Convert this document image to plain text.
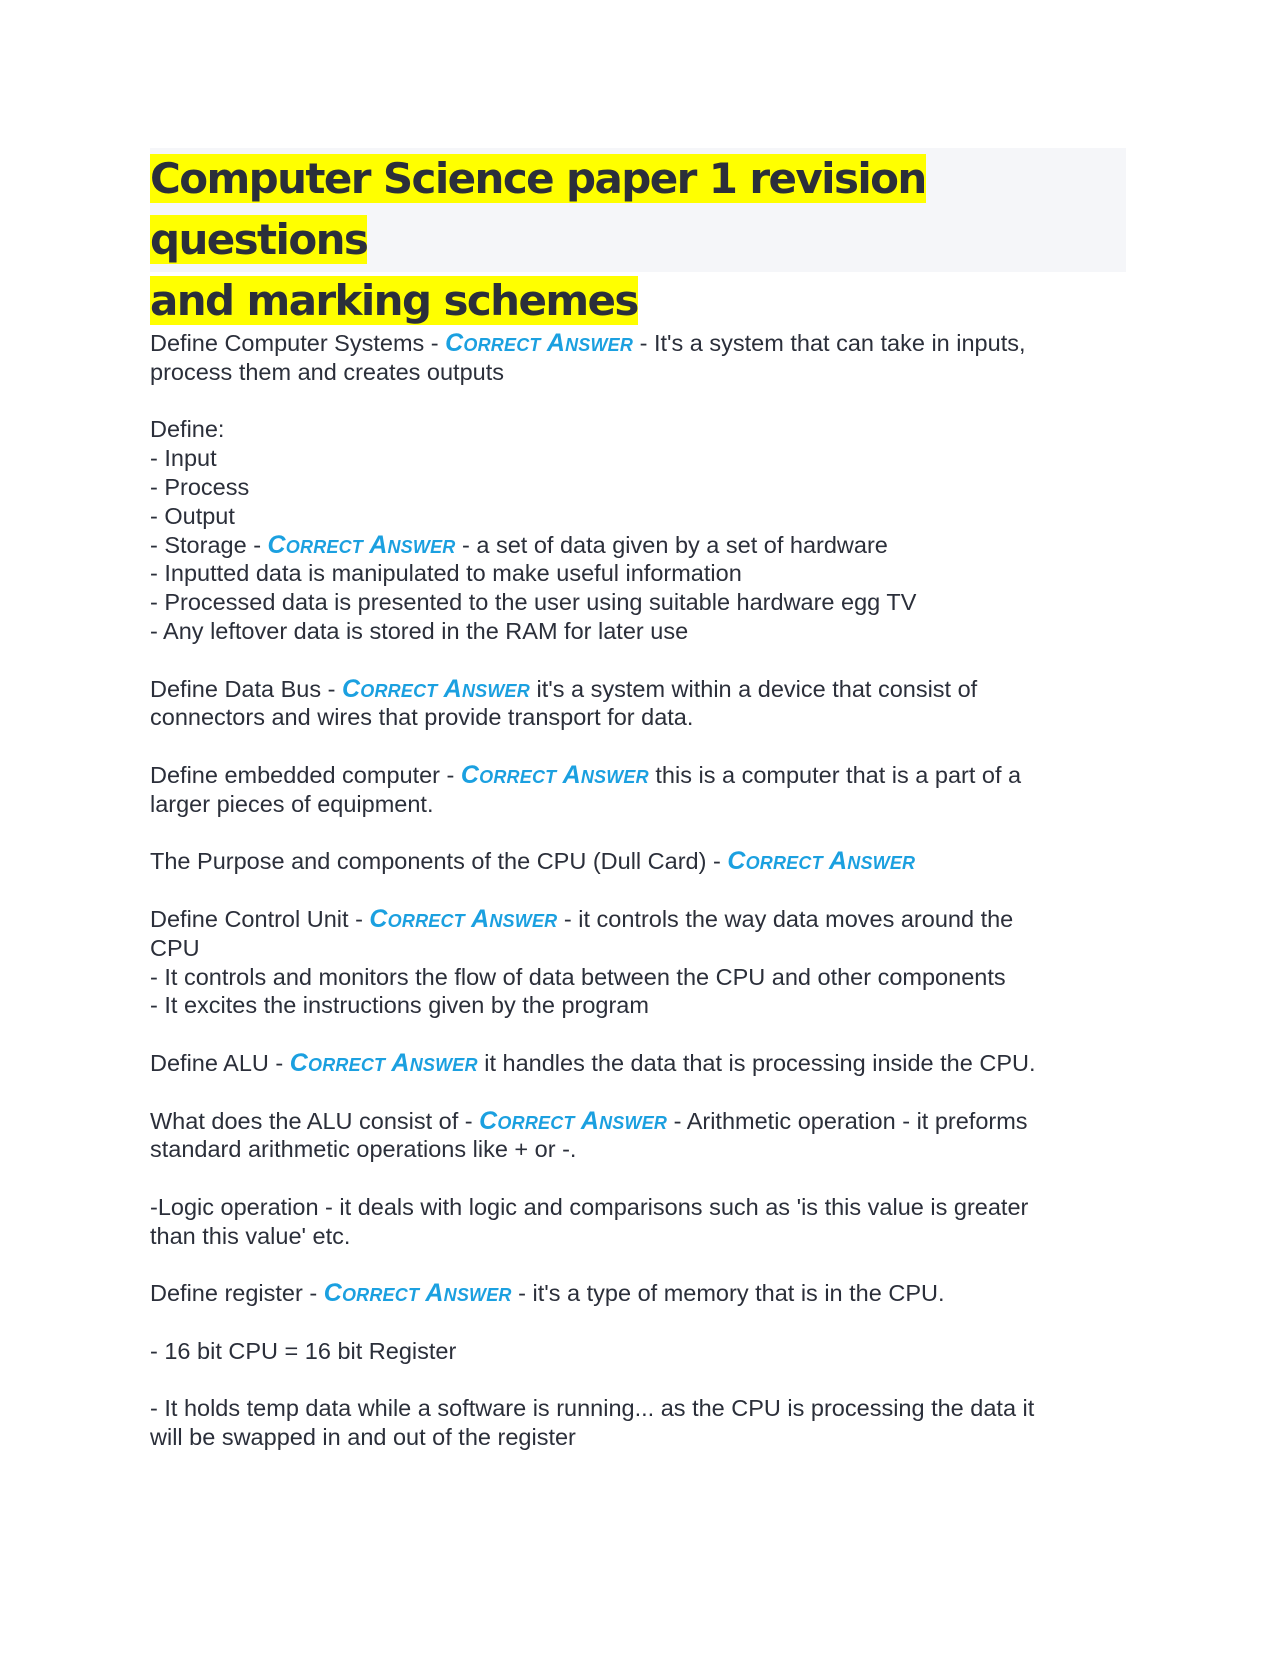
Computer Science paper 1 revision questions
and marking schemes
Define Computer Systems - Correct Answer - It's a system that can take in inputs,
process them and creates outputs
Define:
- Input
- Process
- Output
- Storage - Correct Answer - a set of data given by a set of hardware
- Inputted data is manipulated to make useful information
- Processed data is presented to the user using suitable hardware egg TV
- Any leftover data is stored in the RAM for later use
Define Data Bus - Correct Answer it's a system within a device that consist of
connectors and wires that provide transport for data.
Define embedded computer - Correct Answer this is a computer that is a part of a
larger pieces of equipment.
The Purpose and components of the CPU (Dull Card) - Correct Answer
Define Control Unit - Correct Answer - it controls the way data moves around the
CPU
- It controls and monitors the flow of data between the CPU and other components
- It excites the instructions given by the program
Define ALU - Correct Answer it handles the data that is processing inside the CPU.
What does the ALU consist of - Correct Answer - Arithmetic operation - it preforms
standard arithmetic operations like + or -.
-Logic operation - it deals with logic and comparisons such as 'is this value is greater
than this value' etc.
Define register - Correct Answer - it's a type of memory that is in the CPU.
- 16 bit CPU = 16 bit Register
- It holds temp data while a software is running... as the CPU is processing the data it
will be swapped in and out of the register
